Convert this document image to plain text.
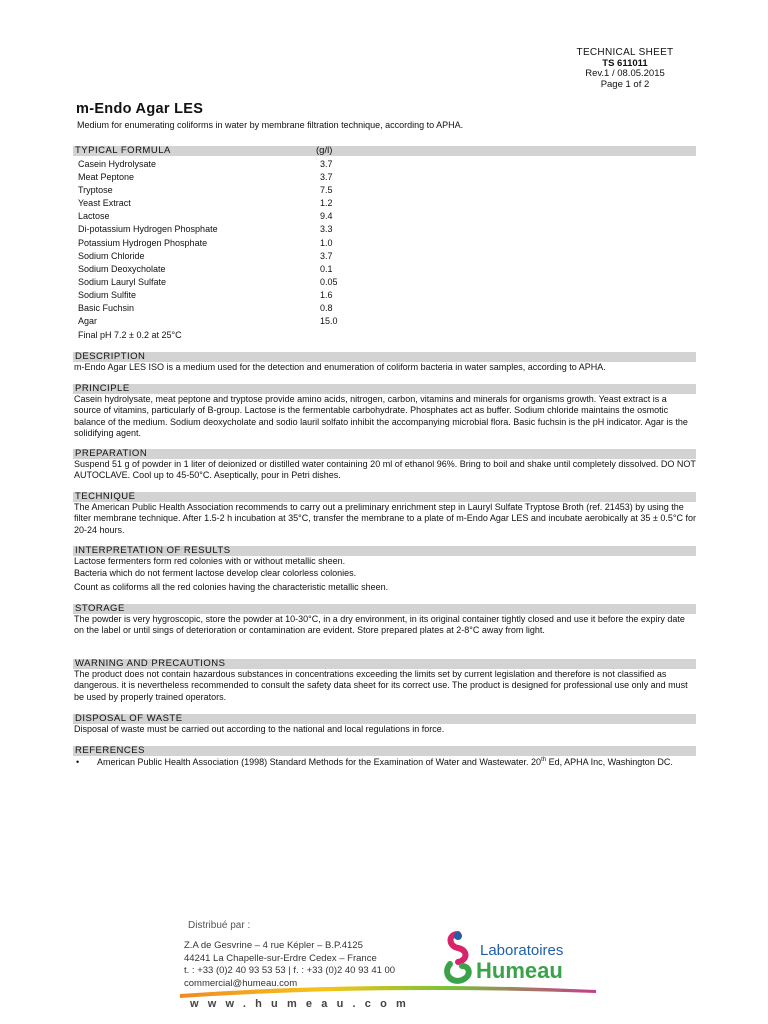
TECHNICAL SHEET
TS 611011
Rev.1 / 08.05.2015
Page 1 of 2
m-Endo Agar LES
Medium for enumerating coliforms in water by membrane filtration technique, according to APHA.
TYPICAL FORMULA	(g/l)
Casein Hydrolysate	3.7
Meat Peptone	3.7
Tryptose	7.5
Yeast Extract	1.2
Lactose	9.4
Di-potassium Hydrogen Phosphate	3.3
Potassium Hydrogen Phosphate	1.0
Sodium Chloride	3.7
Sodium Deoxycholate	0.1
Sodium Lauryl Sulfate	0.05
Sodium Sulfite	1.6
Basic Fuchsin	0.8
Agar	15.0
Final pH 7.2 ± 0.2 at 25°C
DESCRIPTION
m-Endo Agar LES ISO is a medium used for the detection and enumeration of coliform bacteria in water samples, according to APHA.
PRINCIPLE
Casein hydrolysate, meat peptone and tryptose provide amino acids, nitrogen, carbon, vitamins and minerals for organisms growth. Yeast extract is a source of vitamins, particularly of B-group. Lactose is the fermentable carbohydrate. Phosphates act as buffer. Sodium chloride maintains the osmotic balance of the medium. Sodium deoxycholate and sodio lauril solfato inhibit the accompanying microbial flora. Basic fuchsin is the pH indicator. Agar is the solidifying agent.
PREPARATION
Suspend 51 g of powder in 1 liter of deionized or distilled water containing 20 ml of ethanol 96%. Bring to boil and shake until completely dissolved. DO NOT AUTOCLAVE. Cool up to 45-50°C. Aseptically, pour in Petri dishes.
TECHNIQUE
The American Public Health Association recommends to carry out a preliminary enrichment step in Lauryl Sulfate Tryptose Broth (ref. 21453) by using the filter membrane technique. After 1.5-2 h incubation at 35°C, transfer the membrane to a plate of m-Endo Agar LES and incubate aerobically at 35 ± 0.5°C for 20-24 hours.
INTERPRETATION OF RESULTS
Lactose fermenters form red colonies with or without metallic sheen.
Bacteria which do not ferment lactose develop clear colorless colonies.
Count as coliforms all the red colonies having the characteristic metallic sheen.
STORAGE
The powder is very hygroscopic, store the powder at 10-30°C, in a dry environment, in its original container tightly closed and use it before the expiry date on the label or until sings of deterioration or contamination are evident. Store prepared plates at 2-8°C away from light.
WARNING AND PRECAUTIONS
The product does not contain hazardous substances in concentrations exceeding the limits set by current legislation and therefore is not classified as dangerous. it is nevertheless recommended to consult the safety data sheet for its correct use. The product is designed for professional use only and must be used by properly trained operators.
DISPOSAL OF WASTE
Disposal of waste must be carried out according to the national and local regulations in force.
REFERENCES
• American Public Health Association (1998) Standard Methods for the Examination of Water and Wastewater. 20th Ed, APHA Inc, Washington DC.
Distribué par :
Z.A de Gesvrine – 4 rue Képler – B.P.4125
44241 La Chapelle-sur-Erdre Cedex – France
t. : +33 (0)2 40 93 53 53 | f. : +33 (0)2 40 93 41 00
commercial@humeau.com
www.humeau.com
Laboratoires
Humeau
